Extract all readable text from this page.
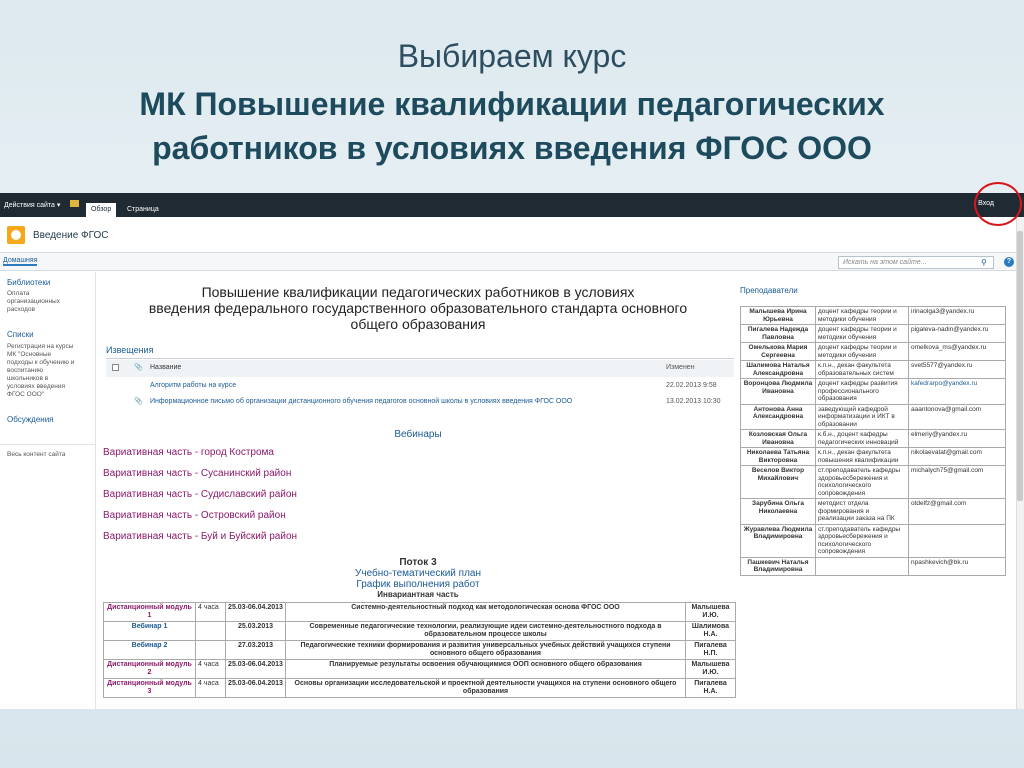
Выбираем курс
МК Повышение квалификации педагогических
работников в условиях введения ФГОС ООО
Действия сайта ▾
Обзор	Страница
Вход
Введение ФГОС
Домашняя	Искать на этом сайте...	⚲	?
Библиотеки
Оплата
организационных
расходов
Списки
Регистрация на курсы
МК "Основные
подходы к обучению и
воспитанию
школьников в
условиях введения
ФГОС ООО"
Обсуждения
Весь контент сайта
Повышение квалификации педагогических работников в условиях
введения федерального государственного образовательного стандарта основного
общего образования
Извещения
📎 Название	Изменен
Алгоритм работы на курсе	22.02.2013 9:58
📎 Информационное письмо об организации дистанционного обучения педагогов основной школы в условиях введения ФГОС ООО	13.02.2013 10:30
Вебинары
Вариативная часть - город Кострома
Вариативная часть - Сусанинский район
Вариативная часть - Судиславский район
Вариативная часть - Островский район
Вариативная часть - Буй и Буйский район
Поток 3
Учебно-тематический план
График выполнения работ
Инвариантная часть
Дистанционный модуль 1	4 часа	25.03-06.04.2013	Системно-деятельностный подход как методологическая основа ФГОС ООО	Малышева И.Ю.
Вебинар 1		25.03.2013	Современные педагогические технологии, реализующие идеи системно-деятельностного подхода в образовательном процессе школы	Шалимова Н.А.
Вебинар 2		27.03.2013	Педагогические техники формирования и развития универсальных учебных действий учащихся ступени основного общего образования	Пигалева Н.П.
Дистанционный модуль 2	4 часа	25.03-06.04.2013	Планируемые результаты освоения обучающимися ООП основного общего образования	Малышева И.Ю.
Дистанционный модуль 3	4 часа	25.03-06.04.2013	Основы организации исследовательской и проектной деятельности учащихся на ступени основного общего образования	Пигалева Н.А.
Преподаватели
Малышева Ирина Юрьевна	доцент кафедры теории и методики обучения	irinaolga3@yandex.ru
Пигалева Надежда Павловна	доцент кафедры теории и методики обучения	pigaleva-nadin@yandex.ru
Омелькова Мария Сергеевна	доцент кафедры теории и методики обучения	omelkova_ms@yandex.ru
Шалимова Наталья Александровна	к.п.н., декан факультета образовательных систем	svet5577@yandex.ru
Воронцова Людмила Ивановна	доцент кафедры развития профессионального образования	kafedrarpo@yandex.ru
Антонова Анна Александровна	заведующий кафедрой информатизации и ИКТ в образовании	aaantonova@gmail.com
Козловская Ольга Ивановна	к.б.н., доцент кафедры педагогических инноваций	elmeriy@yandex.ru
Николаева Татьяна Викторовна	к.п.н., декан факультета повышения квалификации	nikolaevatat@gmail.com
Веселов Виктор Михайлович	ст.преподаватель кафедры здоровьесбережения и психологического сопровождения	michalych75@gmail.com
Зарубина Ольга Николаевна	методист отдела формирования и реализации заказа на ПК	otdelfz@gmail.com
Журавлева Людмила Владимировна	ст.преподаватель кафедры здоровьесбережения и психологического сопровождения	
Пашкевич Наталья Владимировна		npashkevich@bk.ru
